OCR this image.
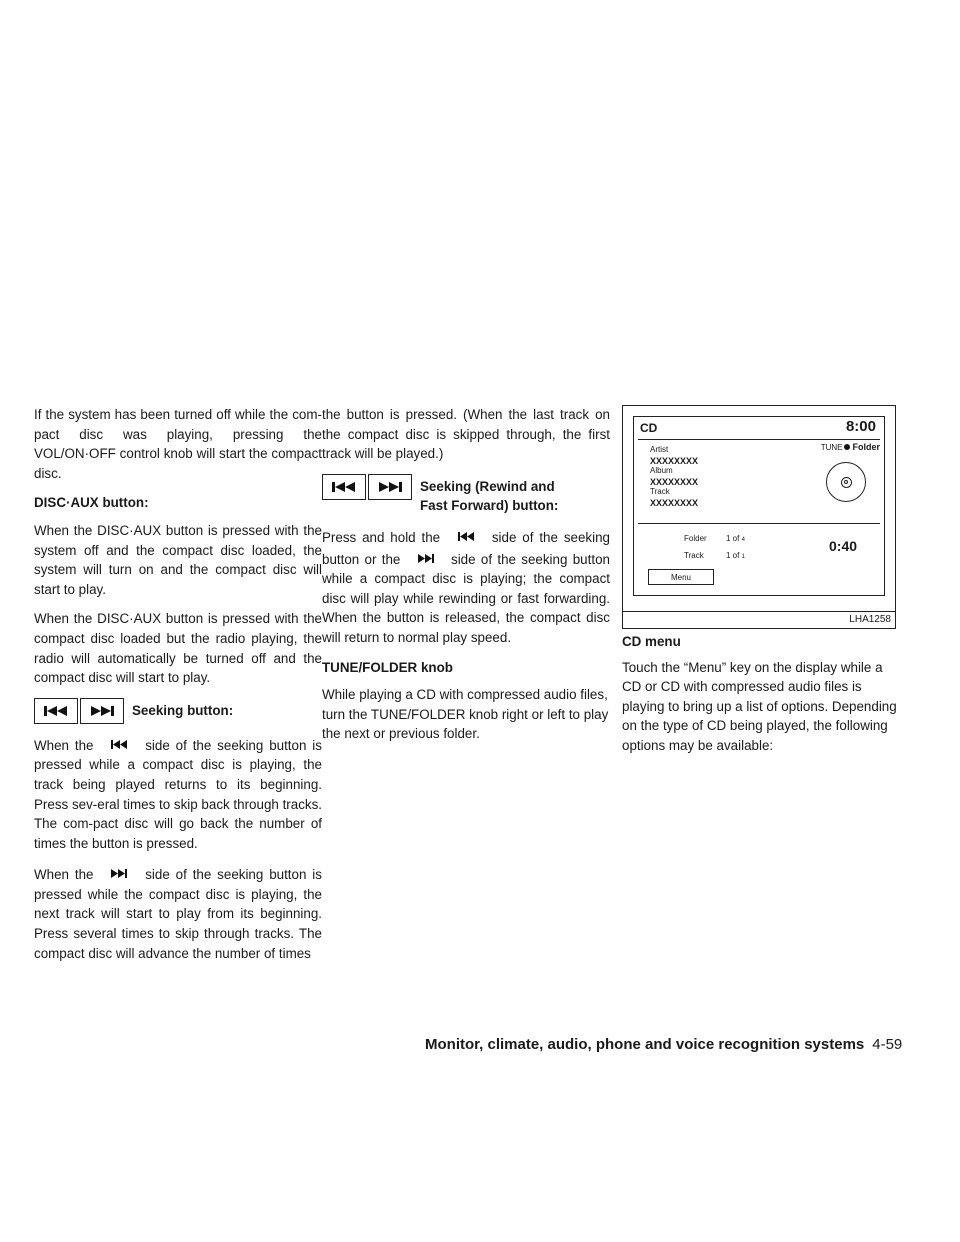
If the system has been turned off while the com-pact disc was playing, pressing the VOL/ON·OFF control knob will start the compact disc.

DISC·AUX button:

When the DISC·AUX button is pressed with the system off and the compact disc loaded, the system will turn on and the compact disc will start to play.

When the DISC·AUX button is pressed with the compact disc loaded but the radio playing, the radio will automatically be turned off and the compact disc will start to play.

Seeking button:

When the	side of the seeking button is pressed while a compact disc is playing, the track being played returns to its beginning. Press sev-eral times to skip back through tracks. The com-pact disc will go back the number of times the button is pressed.

When the	side of the seeking button is pressed while the compact disc is playing, the next track will start to play from its beginning. Press several times to skip through tracks. The compact disc will advance the number of times

the button is pressed. (When the last track on the compact disc is skipped through, the first track will be played.)

Seeking (Rewind and
Fast Forward) button:

Press and hold the	side of the seeking button or the	side of the seeking button while a compact disc is playing; the compact disc will play while rewinding or fast forwarding. When the button is released, the compact disc will return to normal play speed.

TUNE/FOLDER knob

While playing a CD with compressed audio files, turn the TUNE/FOLDER knob right or left to play the next or previous folder.

CD	8:00
TUNE Folder
Artist
XXXXXXXX
Album
XXXXXXXX
Track
XXXXXXXX
Folder 1 of 4
Track	1 of 1
0:40
Menu
LHA1258
CD menu

Touch the “Menu” key on the display while a CD or CD with compressed audio files is playing to bring up a list of options. Depending on the type of CD being played, the following options may be available:

Monitor, climate, audio, phone and voice recognition systems 4-59
